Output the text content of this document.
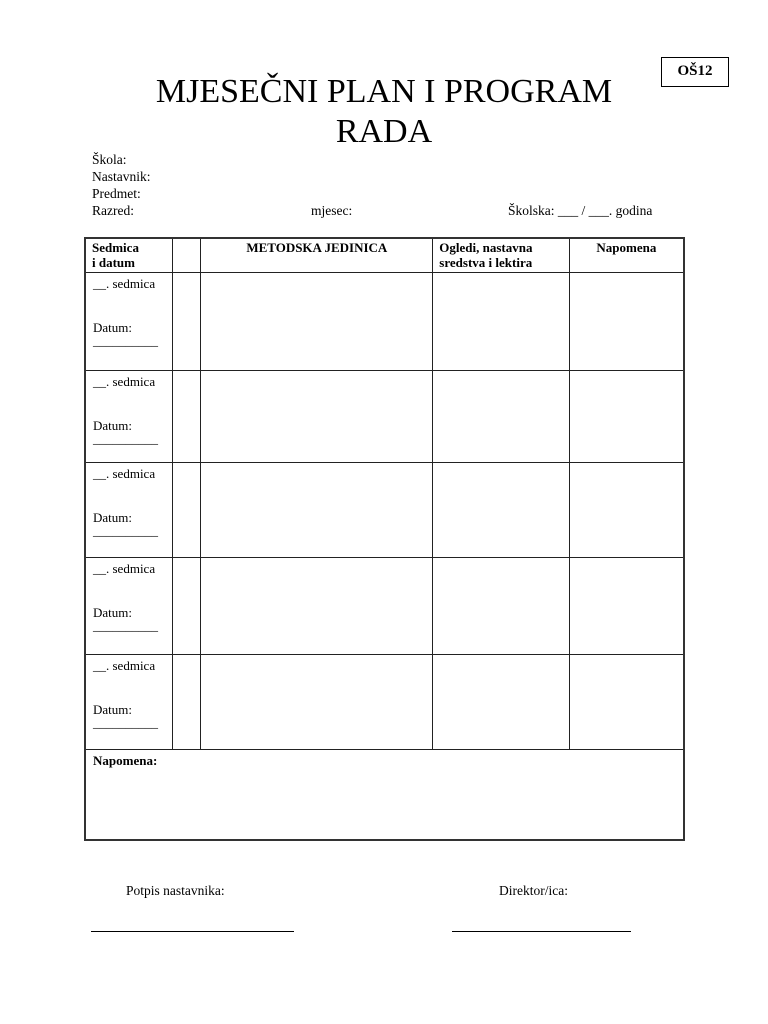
OŠ12
MJESEČNI PLAN I PROGRAM
RADA
Škola:
Nastavnik:
Predmet:
Razred:	mjesec:	Školska: ___ / ___. godina
Sedmica
i datum		METODSKA JEDINICA	Ogledi, nastavna sredstva i lektira	Napomena

__. sedmica
Datum:
__________				

__. sedmica
Datum:
__________				

__. sedmica
Datum:
__________				

__. sedmica
Datum:
__________				

__. sedmica
Datum:
__________				

Napomena:				
Potpis nastavnika:	Direktor/ica:
